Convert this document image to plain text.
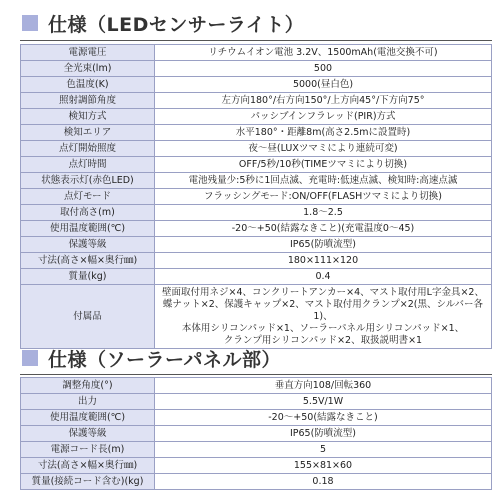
仕様（LEDセンサーライト）
電源電圧	リチウムイオン電池 3.2V、1500mAh(電池交換不可)
全光束(lm)	500
色温度(K)	5000(昼白色)
照射調節角度	左方向180°/右方向150°/上方向45°/下方向75°
検知方式	パッシブインフラレッド(PIR)方式
検知エリア	水平180°・距離8m(高さ2.5mに設置時)
点灯開始照度	夜〜昼(LUXツマミにより連続可変)
点灯時間	OFF/5秒/10秒(TIMEツマミにより切換)
状態表示灯(赤色LED)	電池残量少:5秒に1回点滅、充電時:低速点滅、検知時:高速点滅
点灯モード	フラッシングモード:ON/OFF(FLASHツマミにより切換)
取付高さ(m)	1.8〜2.5
使用温度範囲(℃)	-20〜+50(結露なきこと)(充電温度0〜45)
保護等級	IP65(防噴流型)
寸法(高さ×幅×奥行㎜)	180×111×120
質量(kg)	0.4
付属品	壁面取付用ネジ×4、コンクリートアンカー×4、マスト取付用L字金具×2、
蝶ナット×2、保護キャップ×2、マスト取付用クランプ×2(黒、シルバー各1)、
本体用シリコンパッド×1、ソーラーパネル用シリコンパッド×1、
クランプ用シリコンパッド×2、取扱説明書×1
仕様（ソーラーパネル部）
調整角度(°)	垂直方向108/回転360
出力	5.5V/1W
使用温度範囲(℃)	-20〜+50(結露なきこと)
保護等級	IP65(防噴流型)
電源コード長(m)	5
寸法(高さ×幅×奥行㎜)	155×81×60
質量(接続コード含む)(kg)	0.18
